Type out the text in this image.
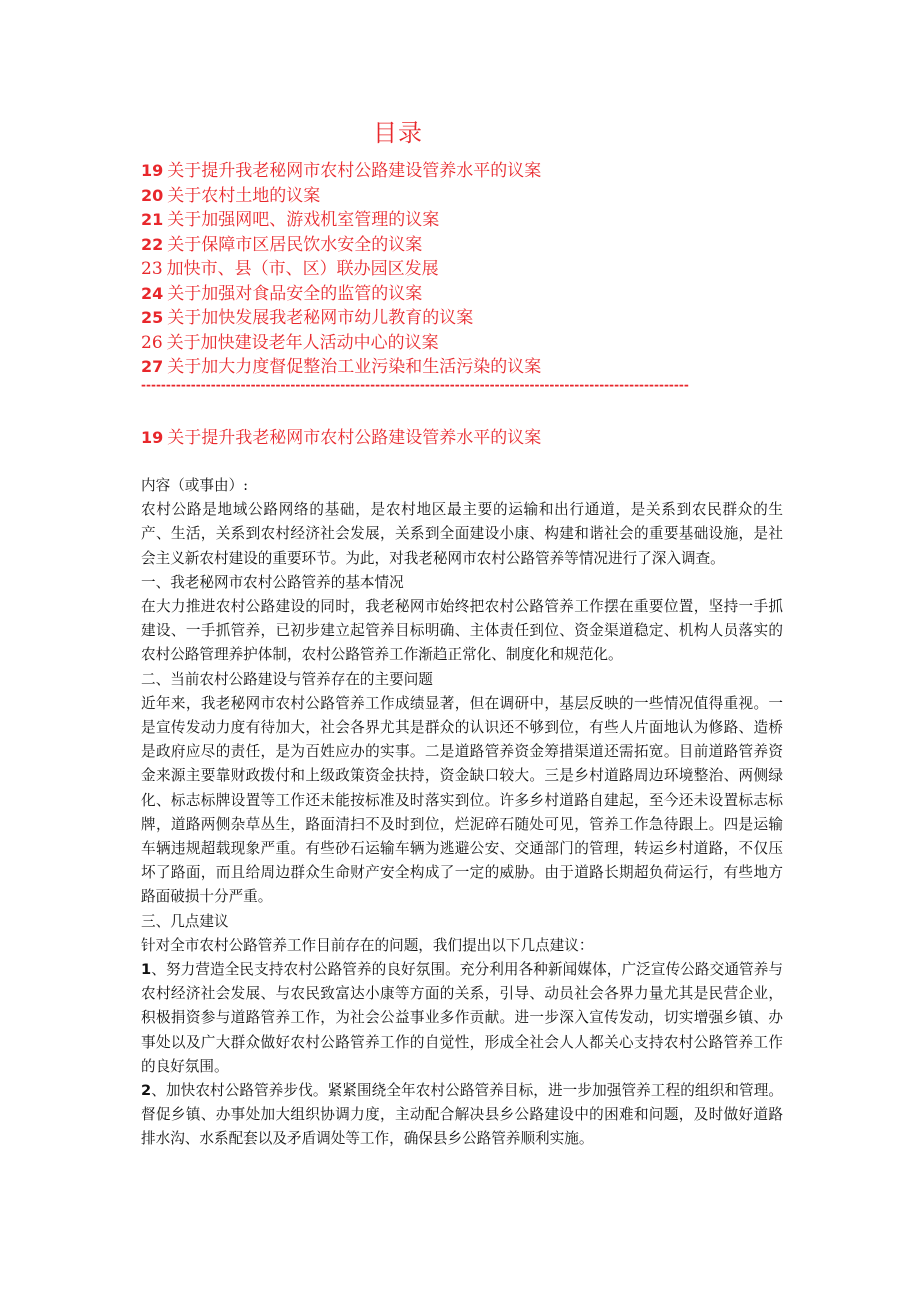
目录
19 关于提升我老秘网市农村公路建设管养水平的议案
20 关于农村土地的议案
21 关于加强网吧、游戏机室管理的议案
22 关于保障市区居民饮水安全的议案
23 加快市、县（市、区）联办园区发展
24 关于加强对食品安全的监管的议案
25 关于加快发展我老秘网市幼儿教育的议案
26 关于加快建设老年人活动中心的议案
27 关于加大力度督促整治工业污染和生活污染的议案
--------------------------------------------------------------------------------------------------------------
19 关于提升我老秘网市农村公路建设管养水平的议案

内容（或事由）:

农村公路是地域公路网络的基础，是农村地区最主要的运输和出行通道，是关系到农民群众的生产、生活，关系到农村经济社会发展，关系到全面建设小康、构建和谐社会的重要基础设施，是社会主义新农村建设的重要环节。为此，对我老秘网市农村公路管养等情况进行了深入调查。

一、我老秘网市农村公路管养的基本情况

在大力推进农村公路建设的同时，我老秘网市始终把农村公路管养工作摆在重要位置，坚持一手抓建设、一手抓管养，已初步建立起管养目标明确、主体责任到位、资金渠道稳定、机构人员落实的农村公路管理养护体制，农村公路管养工作渐趋正常化、制度化和规范化。

二、当前农村公路建设与管养存在的主要问题

近年来，我老秘网市农村公路管养工作成绩显著，但在调研中，基层反映的一些情况值得重视。一是宣传发动力度有待加大，社会各界尤其是群众的认识还不够到位，有些人片面地认为修路、造桥是政府应尽的责任，是为百姓应办的实事。二是道路管养资金筹措渠道还需拓宽。目前道路管养资金来源主要靠财政拨付和上级政策资金扶持，资金缺口较大。三是乡村道路周边环境整治、两侧绿化、标志标牌设置等工作还未能按标准及时落实到位。许多乡村道路自建起，至今还未设置标志标牌，道路两侧杂草丛生，路面清扫不及时到位，烂泥碎石随处可见，管养工作急待跟上。四是运输车辆违规超载现象严重。有些砂石运输车辆为逃避公安、交通部门的管理，转运乡村道路，不仅压坏了路面，而且给周边群众生命财产安全构成了一定的威胁。由于道路长期超负荷运行，有些地方路面破损十分严重。

三、几点建议

针对全市农村公路管养工作目前存在的问题，我们提出以下几点建议：

1、努力营造全民支持农村公路管养的良好氛围。充分利用各种新闻媒体，广泛宣传公路交通管养与农村经济社会发展、与农民致富达小康等方面的关系，引导、动员社会各界力量尤其是民营企业，积极捐资参与道路管养工作，为社会公益事业多作贡献。进一步深入宣传发动，切实增强乡镇、办事处以及广大群众做好农村公路管养工作的自觉性，形成全社会人人都关心支持农村公路管养工作的良好氛围。

2、加快农村公路管养步伐。紧紧围绕全年农村公路管养目标，进一步加强管养工程的组织和管理。督促乡镇、办事处加大组织协调力度，主动配合解决县乡公路建设中的困难和问题，及时做好道路排水沟、水系配套以及矛盾调处等工作，确保县乡公路管养顺利实施。
